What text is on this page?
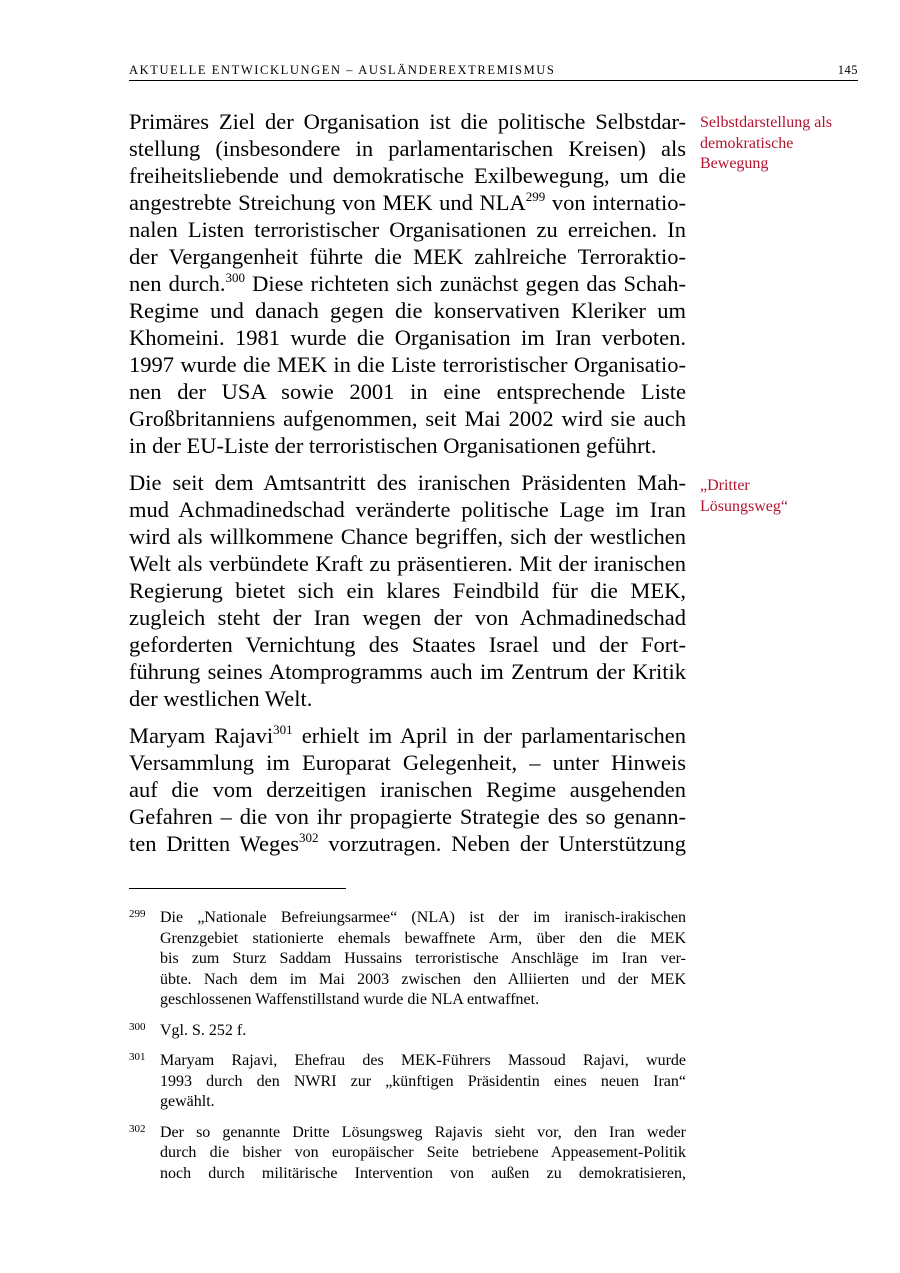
AKTUELLE ENTWICKLUNGEN – AUSLÄNDEREXTREMISMUS	145

Primäres Ziel der Organisation ist die politische Selbstdar-
stellung (insbesondere in parlamentarischen Kreisen) als
freiheitsliebende und demokratische Exilbewegung, um die
angestrebte Streichung von MEK und NLA$^{299}$ von internatio-
nalen Listen terroristischer Organisationen zu erreichen. In
der Vergangenheit führte die MEK zahlreiche Terroraktio-
nen durch.$^{300}$ Diese richteten sich zunächst gegen das Schah-
Regime und danach gegen die konservativen Kleriker um
Khomeini. 1981 wurde die Organisation im Iran verboten.
1997 wurde die MEK in die Liste terroristischer Organisatio-
nen der USA sowie 2001 in eine entsprechende Liste
Großbritanniens aufgenommen, seit Mai 2002 wird sie auch
in der EU-Liste der terroristischen Organisationen geführt.

Die seit dem Amtsantritt des iranischen Präsidenten Mah-
mud Achmadinedschad veränderte politische Lage im Iran
wird als willkommene Chance begriffen, sich der westlichen
Welt als verbündete Kraft zu präsentieren. Mit der iranischen
Regierung bietet sich ein klares Feindbild für die MEK,
zugleich steht der Iran wegen der von Achmadinedschad
geforderten Vernichtung des Staates Israel und der Fort-
führung seines Atomprogramms auch im Zentrum der Kritik
der westlichen Welt.

Maryam Rajavi$^{301}$ erhielt im April in der parlamentarischen
Versammlung im Europarat Gelegenheit, – unter Hinweis
auf die vom derzeitigen iranischen Regime ausgehenden
Gefahren – die von ihr propagierte Strategie des so genann-
ten Dritten Weges$^{302}$ vorzutragen. Neben der Unterstützung

Selbstdarstellung als
demokratische
Bewegung
„Dritter
Lösungsweg“
299 Die „Nationale Befreiungsarmee“ (NLA) ist der im iranisch-irakischen
Grenzgebiet stationierte ehemals bewaffnete Arm, über den die MEK
bis zum Sturz Saddam Hussains terroristische Anschläge im Iran ver-
übte. Nach dem im Mai 2003 zwischen den Alliierten und der MEK
geschlossenen Waffenstillstand wurde die NLA entwaffnet.
300 Vgl. S. 252 f.
301 Maryam Rajavi, Ehefrau des MEK-Führers Massoud Rajavi, wurde
1993 durch den NWRI zur „künftigen Präsidentin eines neuen Iran“
gewählt.
302 Der so genannte Dritte Lösungsweg Rajavis sieht vor, den Iran weder
durch die bisher von europäischer Seite betriebene Appeasement-Politik
noch durch militärische Intervention von außen zu demokratisieren,
